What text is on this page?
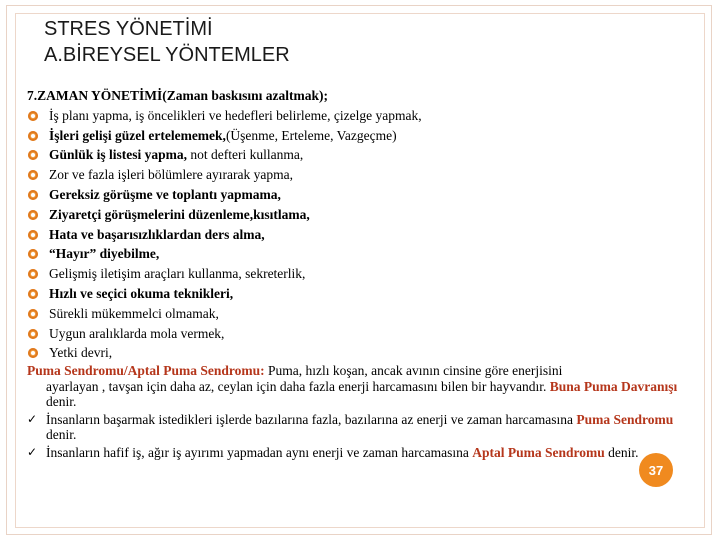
STRES YÖNETİMİ
A.BİREYSEL YÖNTEMLER
7.ZAMAN YÖNETİMİ(Zaman baskısını azaltmak);
İş planı yapma, iş öncelikleri ve hedefleri belirleme, çizelge yapmak,
İşleri gelişi güzel ertelememek,(Üşenme, Erteleme, Vazgeçme)
Günlük iş listesi yapma, not defteri kullanma,
Zor ve fazla işleri bölümlere ayırarak yapma,
Gereksiz görüşme ve toplantı yapmama,
Ziyaretçi görüşmelerini düzenleme,kısıtlama,
Hata ve başarısızlıklardan ders alma,
“Hayır” diyebilme,
Gelişmiş iletişim araçları kullanma, sekreterlik,
Hızlı ve seçici okuma teknikleri,
Sürekli mükemmelci olmamak,
Uygun aralıklarda mola vermek,
Yetki devri,
Puma Sendromu/Aptal Puma Sendromu: Puma, hızlı koşan, ancak avının cinsine göre enerjisini
ayarlayan , tavşan için daha az, ceylan için daha fazla enerji harcamasını bilen bir hayvandır. Buna Puma Davranışı denir.
✓ İnsanların başarmak istedikleri işlerde bazılarına fazla, bazılarına az enerji ve zaman harcamasına Puma Sendromu denir.
✓ İnsanların hafif iş, ağır iş ayırımı yapmadan aynı enerji ve zaman harcamasına Aptal Puma Sendromu denir.
37
